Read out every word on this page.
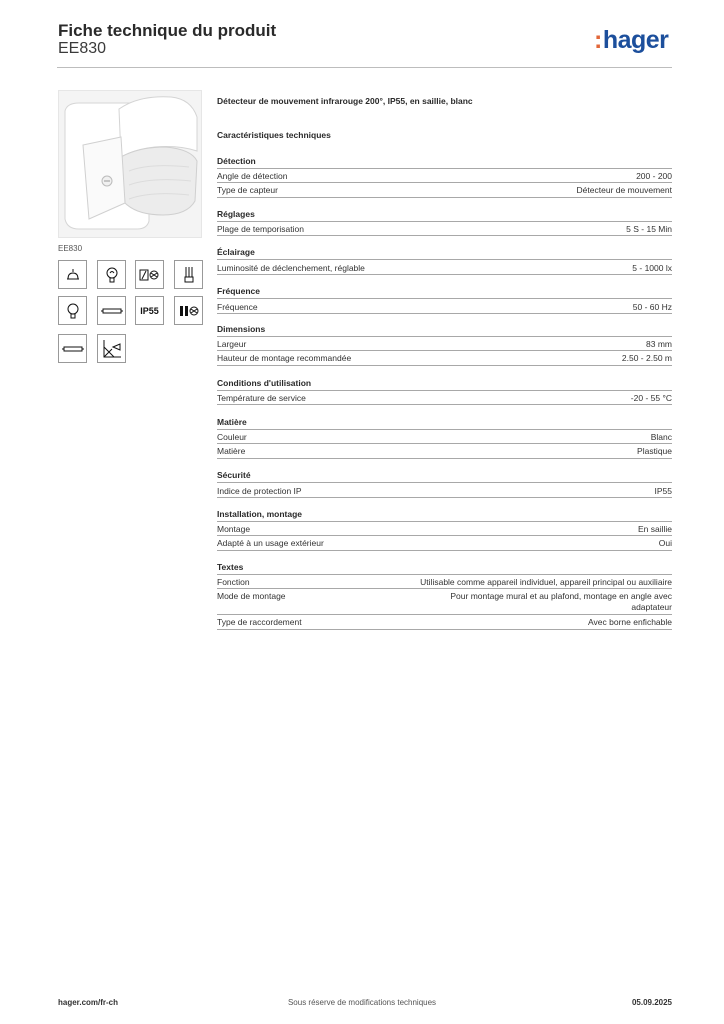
Fiche technique du produit
EE830	:hager
EE830
IP55
Détecteur de mouvement infrarouge 200°, IP55, en saillie, blanc
Caractéristiques techniques
Détection
Angle de détection	200 - 200
Type de capteur	Détecteur de mouvement
Réglages
Plage de temporisation	5 S - 15 Min
Éclairage
Luminosité de déclenchement, réglable	5 - 1000 lx
Fréquence
Fréquence	50 - 60 Hz
Dimensions
Largeur	83 mm
Hauteur de montage recommandée	2.50 - 2.50 m
Conditions d'utilisation
Température de service	-20 - 55 °C
Matière
Couleur	Blanc
Matière	Plastique
Sécurité
Indice de protection IP	IP55
Installation, montage
Montage	En saillie
Adapté à un usage extérieur	Oui
Textes
Fonction	Utilisable comme appareil individuel, appareil principal ou auxiliaire
Mode de montage	Pour montage mural et au plafond, montage en angle avec
adaptateur
Type de raccordement	Avec borne enfichable
hager.com/fr-ch	Sous réserve de modifications techniques	05.09.2025
